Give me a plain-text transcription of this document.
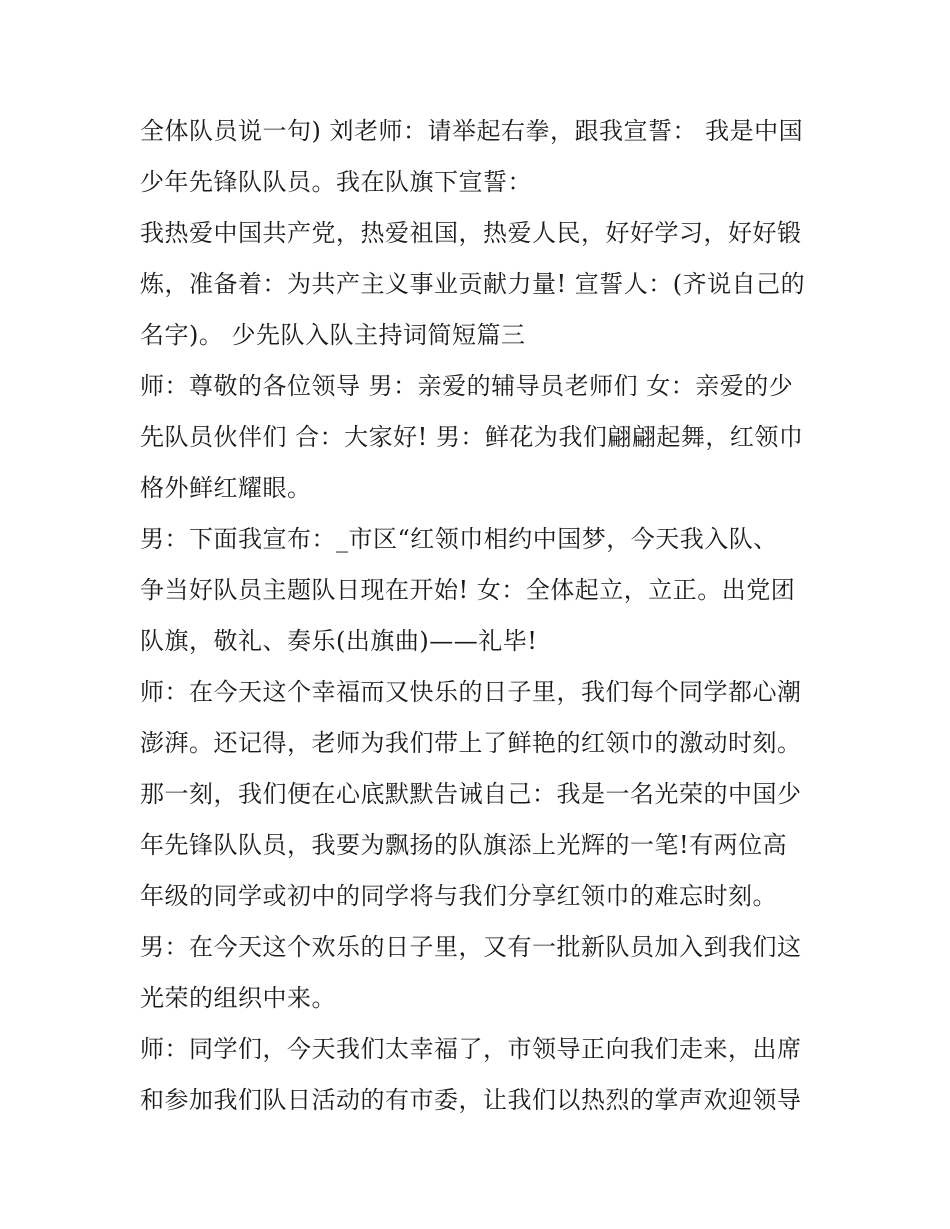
全体队员说一句) 刘老师：请举起右拳，跟我宣誓： 我是中国
少年先锋队队员。我在队旗下宣誓：
我热爱中国共产党，热爱祖国，热爱人民，好好学习，好好锻
炼，准备着：为共产主义事业贡献力量! 宣誓人：(齐说自己的
名字)。 少先队入队主持词简短篇三
师：尊敬的各位领导 男：亲爱的辅导员老师们 女：亲爱的少
先队员伙伴们 合：大家好! 男：鲜花为我们翩翩起舞，红领巾
格外鲜红耀眼。
男：下面我宣布：_市区“红领巾相约中国梦，今天我入队、
争当好队员主题队日现在开始! 女：全体起立，立正。出党团
队旗，敬礼、奏乐(出旗曲)——礼毕!
师：在今天这个幸福而又快乐的日子里，我们每个同学都心潮
澎湃。还记得，老师为我们带上了鲜艳的红领巾的激动时刻。
那一刻，我们便在心底默默告诫自己：我是一名光荣的中国少
年先锋队队员，我要为飘扬的队旗添上光辉的一笔!有两位高
年级的同学或初中的同学将与我们分享红领巾的难忘时刻。
男：在今天这个欢乐的日子里，又有一批新队员加入到我们这
光荣的组织中来。
师：同学们，今天我们太幸福了，市领导正向我们走来，出席
和参加我们队日活动的有市委，让我们以热烈的掌声欢迎领导
